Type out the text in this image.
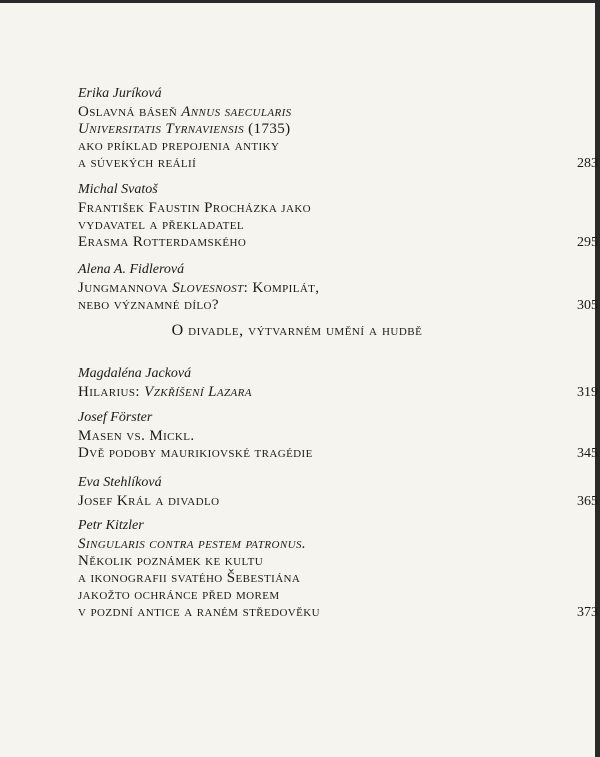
O divadle, výtvarném umění a hudbě
Erika Juríková
Oslavná báseň Annus saecularis
Universitatis Tyrnaviensis (1735)
ako príklad prepojenia antiky
a súvekých reálií	283
Michal Svatoš
František Faustin Procházka jako
vydavatel a překladatel
Erasma Rotterdamského	295
Alena A. Fidlerová
Jungmannova Slovesnost: Kompilát,
nebo významné dílo?	305
Magdaléna Jacková
Hilarius: Vzkříšení Lazara	319
Josef Förster
Masen vs. Mickl.
Dvě podoby maurikiovské tragédie	345
Eva Stehlíková
Josef Král a divadlo	365
Petr Kitzler
Singularis contra pestem patronus.
Několik poznámek ke kultu
a ikonografii svatého Šebestiána
jakožto ochránce před morem
v pozdní antice a raném středověku	373
